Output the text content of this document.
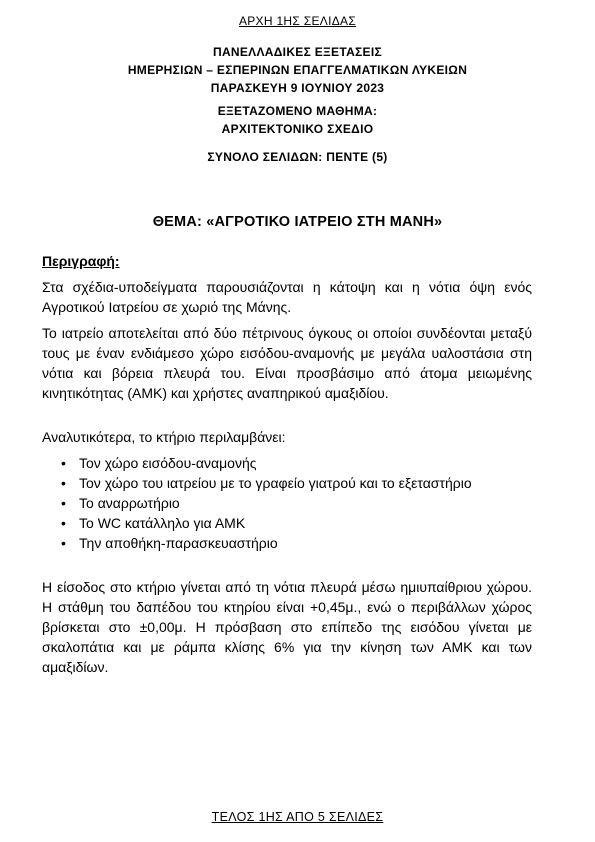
ΑΡΧΗ 1ΗΣ ΣΕΛΙΔΑΣ
ΠΑΝΕΛΛΑΔΙΚΕΣ ΕΞΕΤΑΣΕΙΣ
ΗΜΕΡΗΣΙΩΝ – ΕΣΠΕΡΙΝΩΝ ΕΠΑΓΓΕΛΜΑΤΙΚΩΝ ΛΥΚΕΙΩΝ
ΠΑΡΑΣΚΕΥΗ 9 ΙΟΥΝΙΟΥ 2023
ΕΞΕΤΑΖΟΜΕΝΟ ΜΑΘΗΜΑ:
ΑΡΧΙΤΕΚΤΟΝΙΚΟ ΣΧΕΔΙΟ
ΣΥΝΟΛΟ ΣΕΛΙΔΩΝ: ΠΕΝΤΕ (5)
ΘΕΜΑ: «ΑΓΡΟΤΙΚΟ ΙΑΤΡΕΙΟ ΣΤΗ ΜΑΝΗ»

Περιγραφή:

Στα σχέδια-υποδείγματα παρουσιάζονται η κάτοψη και η νότια όψη ενός Αγροτικού Ιατρείου σε χωριό της Μάνης.

Το ιατρείο αποτελείται από δύο πέτρινους όγκους οι οποίοι συνδέονται μεταξύ τους με έναν ενδιάμεσο χώρο εισόδου-αναμονής με μεγάλα υαλοστάσια στη νότια και βόρεια πλευρά του. Είναι προσβάσιμο από άτομα μειωμένης κινητικότητας (ΑΜΚ) και χρήστες αναπηρικού αμαξιδίου.

Αναλυτικότερα, το κτήριο περιλαμβάνει:

• Τον χώρο εισόδου-αναμονής
• Τον χώρο του ιατρείου με το γραφείο γιατρού και το εξεταστήριο
• Το αναρρωτήριο
• Το WC κατάλληλο για ΑΜΚ
• Την αποθήκη-παρασκευαστήριο

Η είσοδος στο κτήριο γίνεται από τη νότια πλευρά μέσω ημιυπαίθριου χώρου. Η στάθμη του δαπέδου του κτηρίου είναι +0,45μ., ενώ ο περιβάλλων χώρος βρίσκεται στο ±0,00μ. Η πρόσβαση στο επίπεδο της εισόδου γίνεται με σκαλοπάτια και με ράμπα κλίσης 6% για την κίνηση των ΑΜΚ και των αμαξιδίων.

ΤΕΛΟΣ 1ΗΣ ΑΠΟ 5 ΣΕΛΙΔΕΣ
